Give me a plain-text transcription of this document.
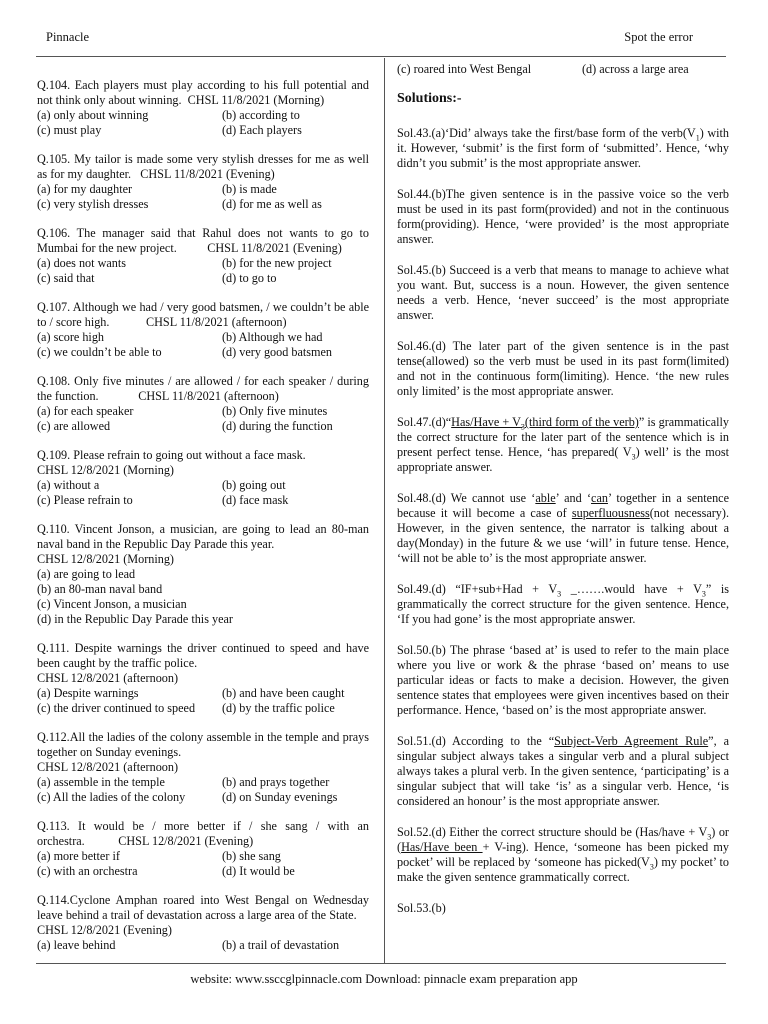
Pinnacle	Spot the error
Q.104. Each players must play according to his full potential and not think only about winning. CHSL 11/8/2021 (Morning)
(a) only about winning	(b) according to
(c) must play	(d) Each players
Q.105. My tailor is made some very stylish dresses for me as well as for my daughter. CHSL 11/8/2021 (Evening)
(a) for my daughter	(b) is made
(c) very stylish dresses	(d) for me as well as
Q.106. The manager said that Rahul does not wants to go to Mumbai for the new project. CHSL 11/8/2021 (Evening)
(a) does not wants	(b) for the new project
(c) said that	(d) to go to
Q.107. Although we had / very good batsmen, / we couldn’t be able to / score high.	CHSL 11/8/2021 (afternoon)
(a) score high	(b) Although we had
(c) we couldn’t be able to	(d) very good batsmen
Q.108. Only five minutes / are allowed / for each speaker / during the function.	CHSL 11/8/2021 (afternoon)
(a) for each speaker	(b) Only five minutes
(c) are allowed	(d) during the function
Q.109. Please refrain to going out without a face mask.
CHSL 12/8/2021 (Morning)
(a) without a	(b) going out
(c) Please refrain to	(d) face mask
Q.110. Vincent Jonson, a musician, are going to lead an 80-man naval band in the Republic Day Parade this year.
CHSL 12/8/2021 (Morning)
(a) are going to lead
(b) an 80-man naval band
(c) Vincent Jonson, a musician
(d) in the Republic Day Parade this year
Q.111. Despite warnings the driver continued to speed and have been caught by the traffic police.
CHSL 12/8/2021 (afternoon)
(a) Despite warnings	(b) and have been caught
(c) the driver continued to speed	(d) by the traffic police
Q.112.All the ladies of the colony assemble in the temple and prays together on Sunday evenings.
CHSL 12/8/2021 (afternoon)
(a) assemble in the temple	(b) and prays together
(c) All the ladies of the colony	(d) on Sunday evenings
Q.113. It would be / more better if / she sang / with an orchestra.	CHSL 12/8/2021 (Evening)
(a) more better if	(b) she sang
(c) with an orchestra	(d) It would be
Q.114.Cyclone Amphan roared into West Bengal on Wednesday leave behind a trail of devastation across a large area of the State.     CHSL 12/8/2021 (Evening)
(a) leave behind	(b) a trail of devastation
(c) roared into West Bengal	(d) across a large area
Solutions:-
Sol.43.(a)‘Did’ always take the first/base form of the $verb(V_1)$ with it. However, ‘submit’ is the first form of ‘submitted’. Hence, ‘why didn’t you submit’ is the most appropriate answer.
Sol.44.(b)The given sentence is in the passive voice so the verb must be used in its past form(provided) and not in the continuous form(providing). Hence, ‘were provided’ is the most appropriate answer.
Sol.45.(b) Succeed is a verb that means to manage to achieve what you want. But, success is a noun. However, the given sentence needs a verb. Hence, ‘never succeed’ is the most appropriate answer.
Sol.46.(d) The later part of the given sentence is in the past tense(allowed) so the verb must be used in its past form(limited) and not in the continuous form(limiting). Hence. ‘the new rules only limited’ is the most appropriate answer.
Sol.47.(d)“Has/Have + $V_3(third$ form of the verb)” is grammatically the correct structure for the later part of the sentence which is in present perfect tense. Hence, ‘has prepared( $V_3$) well’ is the most appropriate answer.
Sol.48.(d) We cannot use ‘able’ and ‘can’ together in a sentence because it will become a case of superfluousness(not necessary). However, in the given sentence, the narrator is talking about a day(Monday) in the future & we use ‘will’ in future tense. Hence, ‘will not be able to’ is the most appropriate answer.
Sol.49.(d) “$IF+sub+Had + V_3$ _…….would have + $V_3$” is grammatically the correct structure for the given sentence. Hence, ‘If you had gone’ is the most appropriate answer.
Sol.50.(b) The phrase ‘based at’ is used to refer to the main place where you live or work & the phrase ‘based on’ means to use particular ideas or facts to make a decision. However, the given sentence states that employees were given incentives based on their performance. Hence, ‘based on’ is the most appropriate answer.
Sol.51.(d) According to the “Subject-Verb Agreement Rule”, a singular subject always takes a singular verb and a plural subject always takes a plural verb. In the given sentence, ‘participating’ is a singular subject that will take ‘is’ as a singular verb. Hence, ‘is considered an honour’ is the most appropriate answer.
Sol.52.(d) Either the correct structure should be (Has/have + $V_3$) or (Has/Have been + V-ing). Hence, ‘someone has been picked my pocket’ will be replaced by ‘someone has $picked(V_3)$ my pocket’ to make the given sentence grammatically correct.
Sol.53.(b)
website: www.ssccglpinnacle.com Download: pinnacle exam preparation app
